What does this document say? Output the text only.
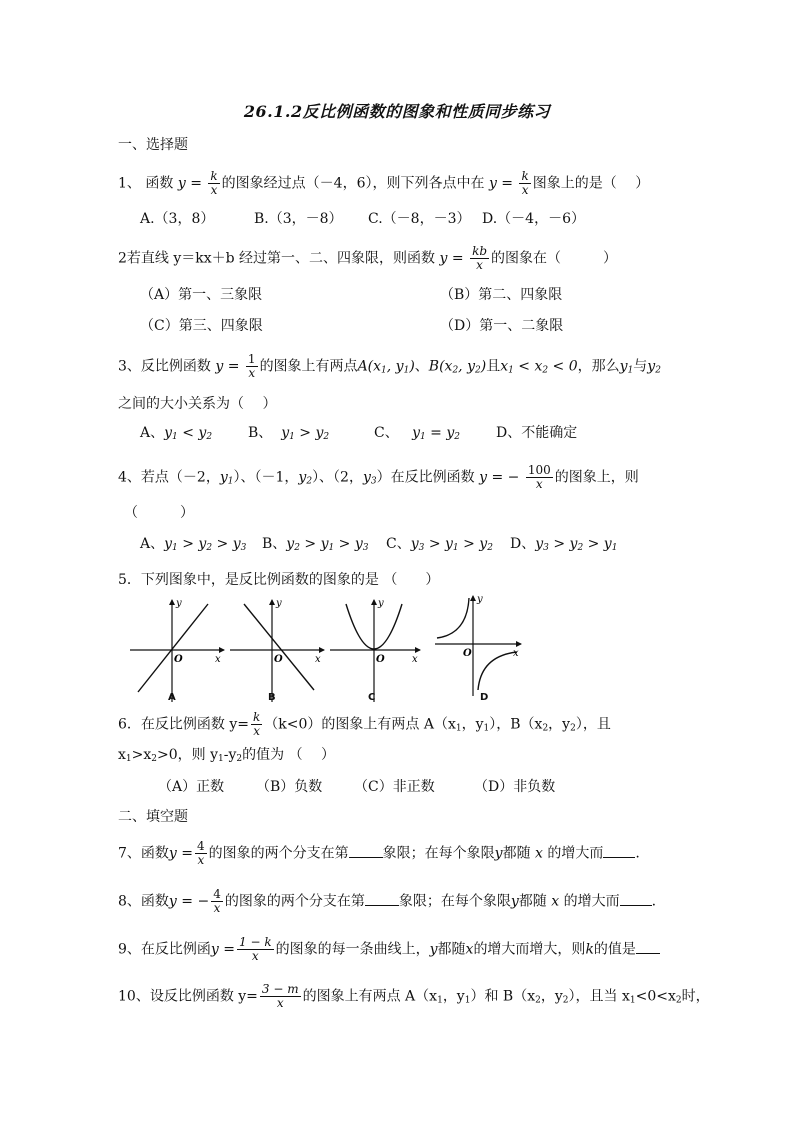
26.1.2反比例函数的图象和性质同步练习
一、选择题
1、 函数 $y = \frac{k}{x}$ 的图象经过点（－4，6），则下列各点中在 $y = \frac{k}{x}$ 图象上的是（　 ）
A.（3，8）	B.（3，－8） C.（－8，－3） D.（－4，－6）
2若直线 y＝kx＋b 经过第一、二、四象限，则函数 $y = \frac{kb}{x}$ 的图象在（　　　）
（A）第一、三象限	（B）第二、四象限
（C）第三、四象限	（D）第一、二象限
3、反比例函数 $y = \frac{1}{x}$ 的图象上有两点$A(x_1$, $y_1$)、$B(x_2$, $y_2$)且$x_1 < x_2 < 0$，那么$y_1$与$y_2$
之间的大小关系为（　 ）
A、$y_1 < y_2$	B、 $y_1 > y_2$	C、 $y_1 = y_2$	D、不能确定
4、若点（－2，$y_1$）、（－1，$y_2$）、（2，$y_3$）在反比例函数 y = − $\frac{100}{x}$ 的图象上，则
（　　　）
A、$y_1 > y_2 > y_3$ B、$y_2 > y_1 > y_3$ C、$y_3 > y_1 > y_2$ D、$y_3 > y_2 > y_1$
5．下列图象中，是反比例函数的图象的是 （　　）
y
x
O
y
x
O
y
x
O
y
x
O
A	B	C	D
6．在反比例函数 $y= \frac{k}{x} (k<0)$的图象上有两点 $A(x_1$，$y_1$），$B(x_2$，$y_2$），且
$x_1>x_2>0$，则 $y_1-y_2$的值为 （　 ）
（A）正数 （B）负数 （C）非正数	（D）非负数
二、填空题
7、函数$y = \frac{4}{x}$ 的图象的两个分支在第 象限；在每个象限y都随 x 的增大而 .
8、函数y = − $\frac{4}{x}$ 的图象的两个分支在第 象限；在每个象限y都随 x 的增大而 .
9、在反比例函$y = \frac{1 - k}{x}$ 的图象的每一条曲线上，y都随x的增大而增大，则k的值是
10、设反比例函数 $y= \frac{3 - m}{x}$ 的图象上有两点 $A(x_1$，$y_1$）和 $B(x_2$，$y_2$），且当 $x_1<0<x_2$时，
